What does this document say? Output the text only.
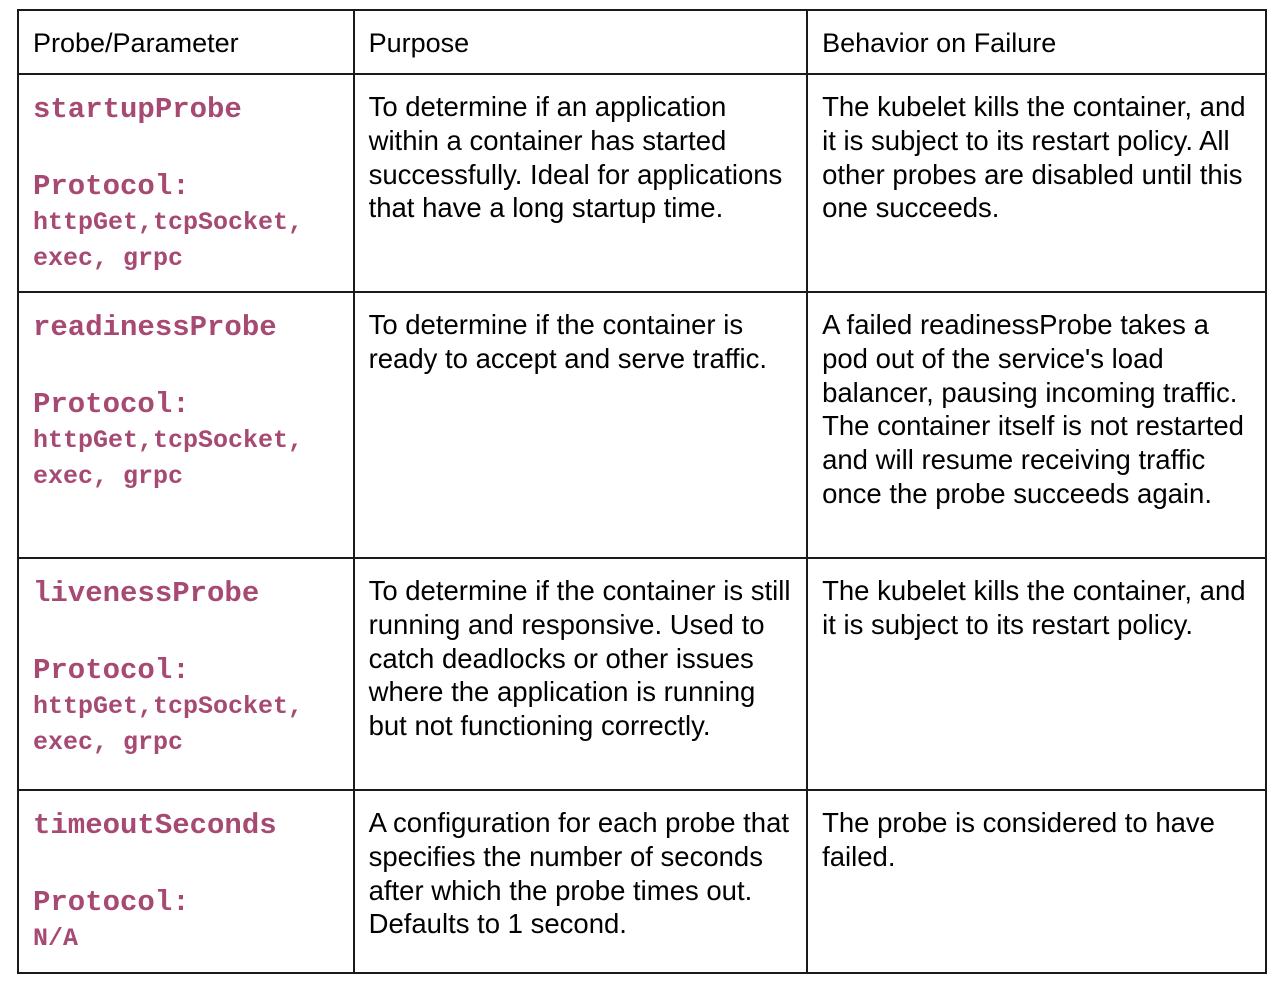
Probe/Parameter	Purpose	Behavior on Failure

startupProbe
Protocol:
httpGet,tcpSocket, exec, grpc	To determine if an application within a container has started successfully. Ideal for applications that have a long startup time.	The kubelet kills the container, and it is subject to its restart policy. All other probes are disabled until this one succeeds.

readinessProbe
Protocol:
httpGet,tcpSocket, exec, grpc	To determine if the container is ready to accept and serve traffic.	A failed readinessProbe takes a pod out of the service's load balancer, pausing incoming traffic. The container itself is not restarted and will resume receiving traffic once the probe succeeds again.

livenessProbe
Protocol:
httpGet,tcpSocket, exec, grpc	To determine if the container is still running and responsive. Used to catch deadlocks or other issues where the application is running but not functioning correctly.	The kubelet kills the container, and it is subject to its restart policy.

timeoutSeconds
Protocol:
N/A	A configuration for each probe that specifies the number of seconds after which the probe times out. Defaults to 1 second.	The probe is considered to have failed.
